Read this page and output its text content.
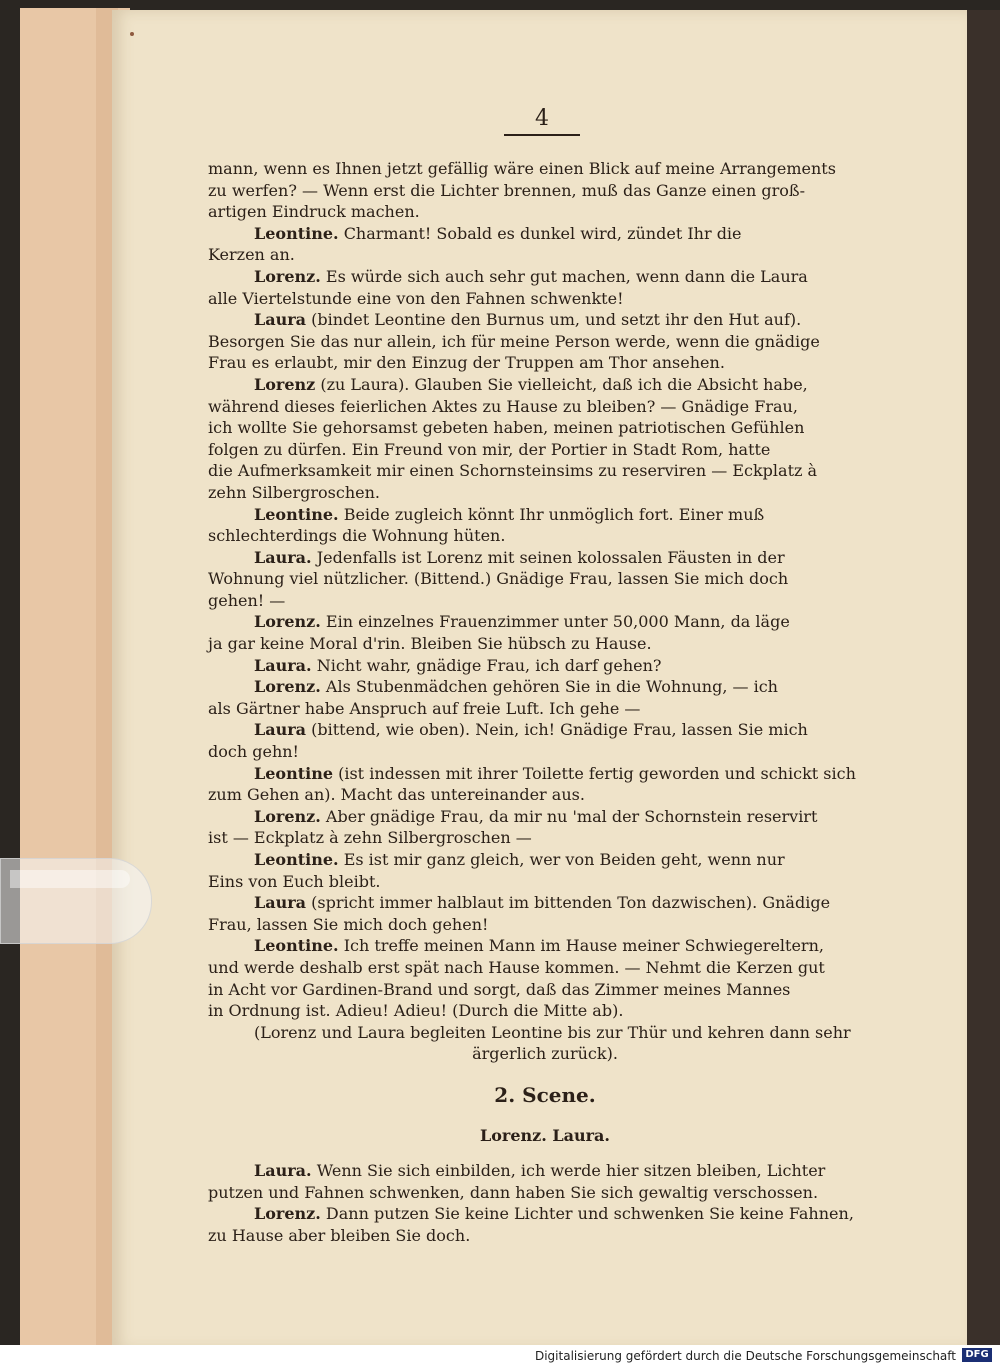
4
mann, wenn es Ihnen jetzt gefällig wäre einen Blick auf meine Arrangements
zu werfen? — Wenn erst die Lichter brennen, muß das Ganze einen groß-
artigen Eindruck machen.
Leontine. Charmant! Sobald es dunkel wird, zündet Ihr die
Kerzen an.
Lorenz. Es würde sich auch sehr gut machen, wenn dann die Laura
alle Viertelstunde eine von den Fahnen schwenkte!
Laura (bindet Leontine den Burnus um, und setzt ihr den Hut auf).
Besorgen Sie das nur allein, ich für meine Person werde, wenn die gnädige
Frau es erlaubt, mir den Einzug der Truppen am Thor ansehen.
Lorenz (zu Laura). Glauben Sie vielleicht, daß ich die Absicht habe,
während dieses feierlichen Aktes zu Hause zu bleiben? — Gnädige Frau,
ich wollte Sie gehorsamst gebeten haben, meinen patriotischen Gefühlen
folgen zu dürfen. Ein Freund von mir, der Portier in Stadt Rom, hatte
die Aufmerksamkeit mir einen Schornsteinsims zu reserviren — Eckplatz à
zehn Silbergroschen.
Leontine. Beide zugleich könnt Ihr unmöglich fort. Einer muß
schlechterdings die Wohnung hüten.
Laura. Jedenfalls ist Lorenz mit seinen kolossalen Fäusten in der
Wohnung viel nützlicher. (Bittend.) Gnädige Frau, lassen Sie mich doch
gehen! —
Lorenz. Ein einzelnes Frauenzimmer unter 50,000 Mann, da läge
ja gar keine Moral d'rin. Bleiben Sie hübsch zu Hause.
Laura. Nicht wahr, gnädige Frau, ich darf gehen?
Lorenz. Als Stubenmädchen gehören Sie in die Wohnung, — ich
als Gärtner habe Anspruch auf freie Luft. Ich gehe —
Laura (bittend, wie oben). Nein, ich! Gnädige Frau, lassen Sie mich
doch gehn!
Leontine (ist indessen mit ihrer Toilette fertig geworden und schickt sich
zum Gehen an). Macht das untereinander aus.
Lorenz. Aber gnädige Frau, da mir nu 'mal der Schornstein reservirt
ist — Eckplatz à zehn Silbergroschen —
Leontine. Es ist mir ganz gleich, wer von Beiden geht, wenn nur
Eins von Euch bleibt.
Laura (spricht immer halblaut im bittenden Ton dazwischen). Gnädige
Frau, lassen Sie mich doch gehen!
Leontine. Ich treffe meinen Mann im Hause meiner Schwiegereltern,
und werde deshalb erst spät nach Hause kommen. — Nehmt die Kerzen gut
in Acht vor Gardinen-Brand und sorgt, daß das Zimmer meines Mannes
in Ordnung ist. Adieu! Adieu! (Durch die Mitte ab).
(Lorenz und Laura begleiten Leontine bis zur Thür und kehren dann sehr
ärgerlich zurück).
2. Scene.
Lorenz. Laura.
Laura. Wenn Sie sich einbilden, ich werde hier sitzen bleiben, Lichter
putzen und Fahnen schwenken, dann haben Sie sich gewaltig verschossen.
Lorenz. Dann putzen Sie keine Lichter und schwenken Sie keine Fahnen,
zu Hause aber bleiben Sie doch.
Digitalisierung gefördert durch die Deutsche Forschungsgemeinschaft DFG
